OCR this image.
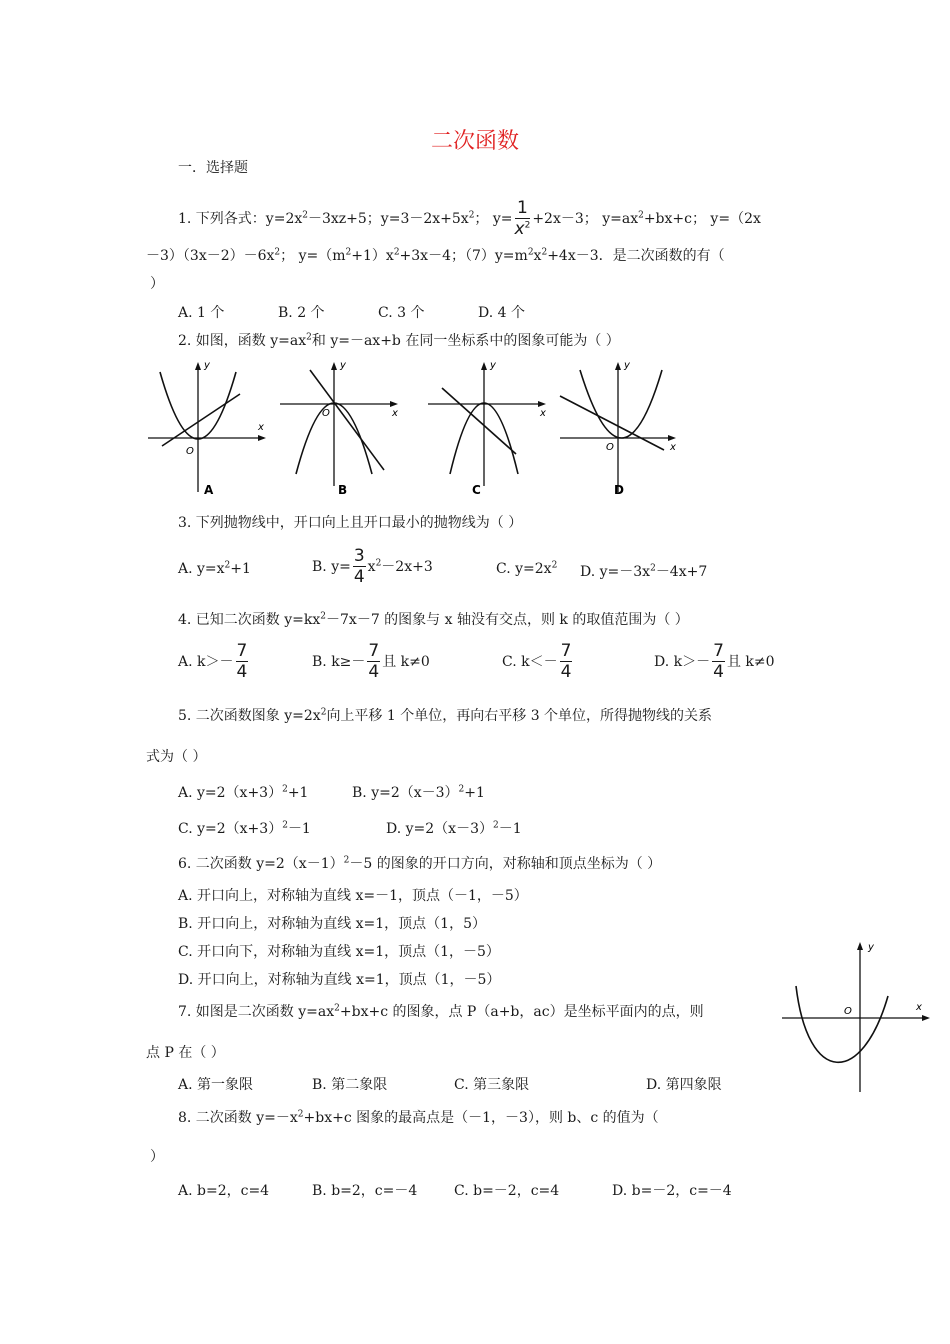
二次函数
一．选择题
1. 下列各式：$y=2x^2-3xz+5$；$y=3-2x+5x^2$； $y= \frac{1}{x^2} +2x-3$； $y=ax^2+bx+c$； y=（2x
$-3)(3x-2)-6x^2$； $y=(m^2+1)x^2+3x-4$；$(7)y=m^2x^2+4x-3$．是二次函数的有（
）
A. 1 个	B. 2 个	C. 3 个	D. 4 个
2. 如图，函数 $y=ax^2$和 y=－ax+b 在同一坐标系中的图象可能为（ ）
x
y
O
A
x
y
O
B
x
y
C
x
y
O
D
3. 下列抛物线中，开口向上且开口最小的抛物线为（ ）
A. $y=x^2+1$	B. $y= \frac{3}{4} x^2-2x+3$	C. $y=2x^2$ D. $y=-3x^2-4x+7$
4. 已知二次函数 $y=kx^2-7x-7$ 的图象与 x 轴没有交点，则 k 的取值范围为（ ）
A. $k>- \frac{7}{4}$	B. $k\ge- \frac{7}{4}$ 且 k≠0	C. $k<- \frac{7}{4}$	D. $k>- \frac{7}{4}$ 且 k≠0
5. 二次函数图象 $y=2x^2$向上平移 1 个单位，再向右平移 3 个单位，所得抛物线的关系
式为（ ）
A. $y=2(x+3)^2+1$	B. $y=2(x-3)^2+1$
C. $y=2(x+3)^2-1$	D. $y=2(x-3)^2-1$
6. 二次函数 $y=2(x-1)^2-5$ 的图象的开口方向，对称轴和顶点坐标为（ ）
A. 开口向上，对称轴为直线 x=－1，顶点（－1，－5）
B. 开口向上，对称轴为直线 x=1，顶点（1，5）
C. 开口向下，对称轴为直线 x=1，顶点（1，－5）
D. 开口向上，对称轴为直线 x=1，顶点（1，－5）
7. 如图是二次函数 $y=ax^2+bx+c$ 的图象，点 P（a+b，ac）是坐标平面内的点，则
点 P 在（ ）
A. 第一象限	B. 第二象限	C. 第三象限	D. 第四象限
x
y
O
8. 二次函数 $y=-x^2+bx+c$ 图象的最高点是（－1，－3），则 b、c 的值为（
）
A. b=2，c=4	B. b=2，c=－4	C. b=－2，c=4	D. b=－2，c=－4
